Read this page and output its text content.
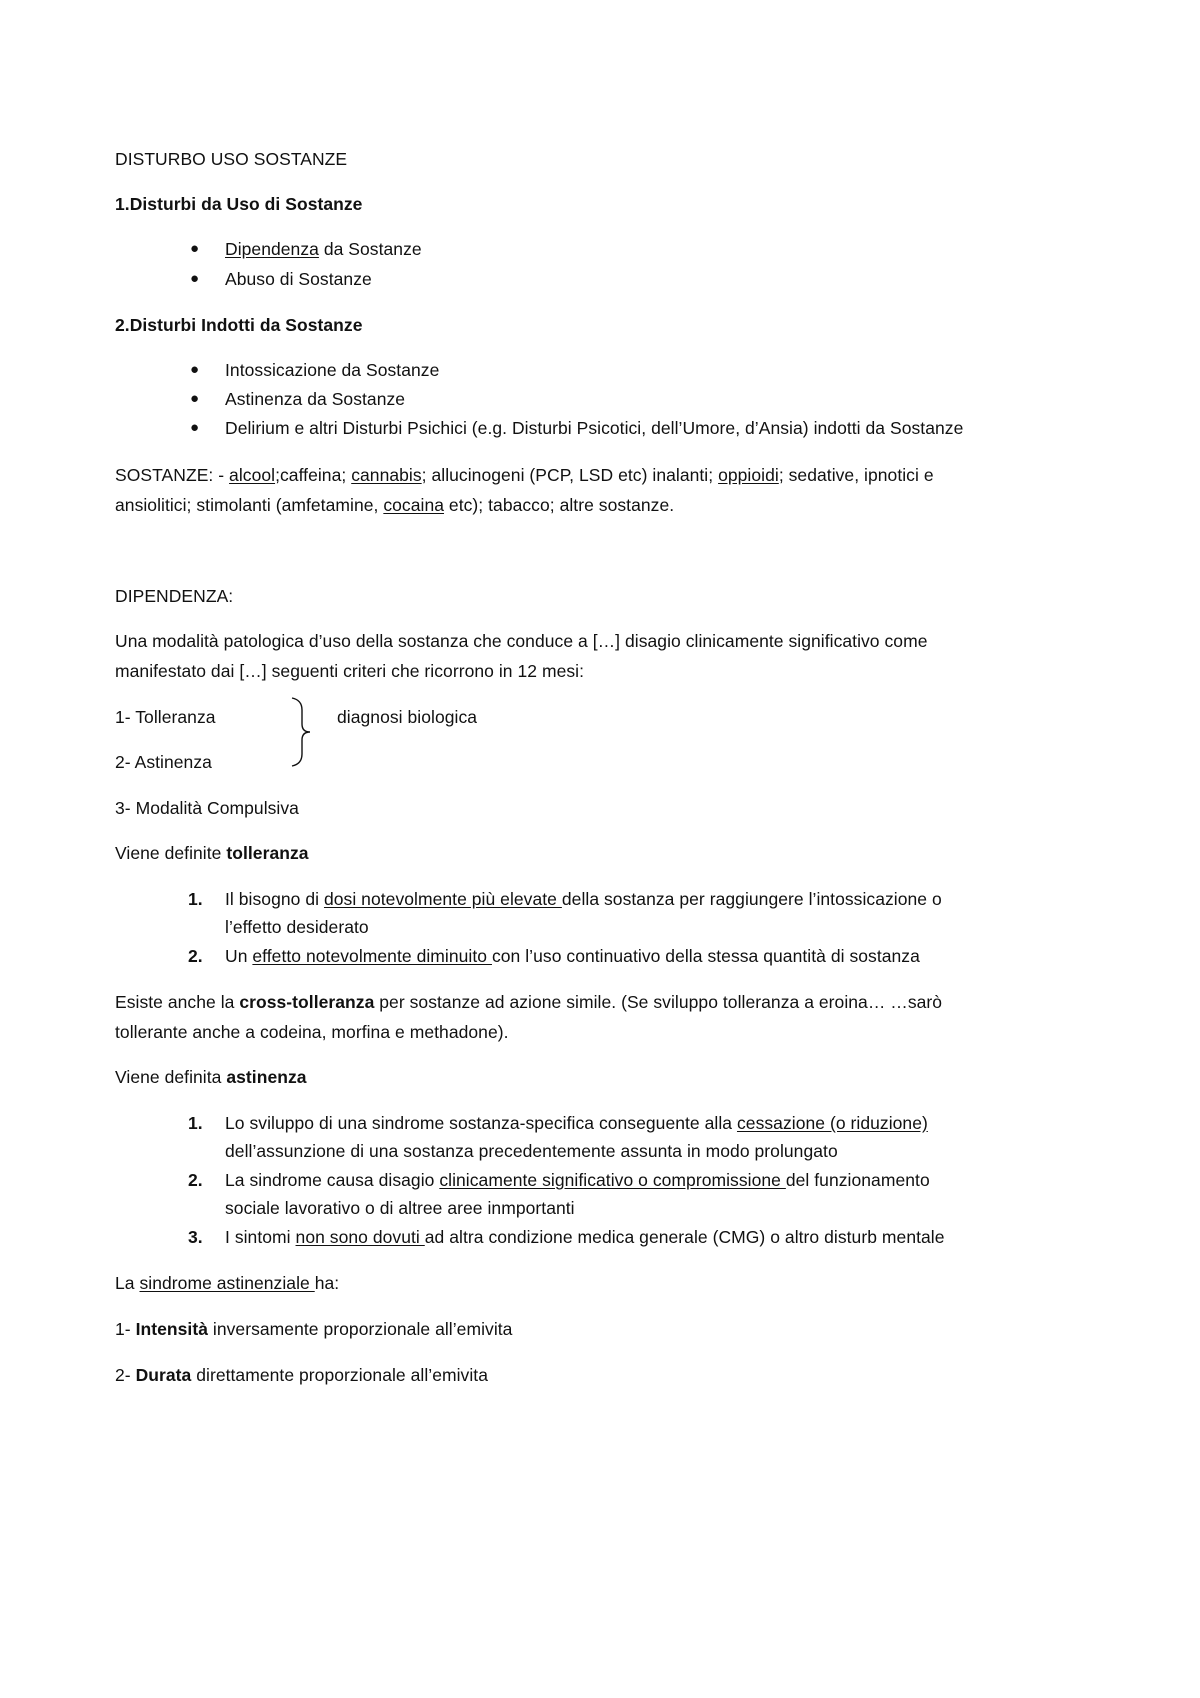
DISTURBO USO SOSTANZE
1.Disturbi da Uso di Sostanze
● Dipendenza da Sostanze
● Abuso di Sostanze
2.Disturbi Indotti da Sostanze
● Intossicazione da Sostanze
● Astinenza da Sostanze
● Delirium e altri Disturbi Psichici (e.g. Disturbi Psicotici, dell’Umore, d’Ansia) indotti da Sostanze
SOSTANZE: - alcool;caffeina; cannabis; allucinogeni (PCP, LSD etc) inalanti; oppioidi; sedative, ipnotici e
ansiolitici; stimolanti (amfetamine, cocaina etc); tabacco; altre sostanze.
DIPENDENZA:
Una modalità patologica d’uso della sostanza che conduce a […] disagio clinicamente significativo come
manifestato dai […] seguenti criteri che ricorrono in 12 mesi:
1- Tolleranza	diagnosi biologica
2- Astinenza
3- Modalità Compulsiva
Viene definite tolleranza
1. Il bisogno di dosi notevolmente più elevate della sostanza per raggiungere l’intossicazione o
l’effetto desiderato
2. Un effetto notevolmente diminuito con l’uso continuativo della stessa quantità di sostanza
Esiste anche la cross-tolleranza per sostanze ad azione simile. (Se sviluppo tolleranza a eroina… …sarò
tollerante anche a codeina, morfina e methadone).
Viene definita astinenza
1. Lo sviluppo di una sindrome sostanza-specifica conseguente alla cessazione (o riduzione)
dell’assunzione di una sostanza precedentemente assunta in modo prolungato
2. La sindrome causa disagio clinicamente significativo o compromissione del funzionamento
sociale lavorativo o di altree aree inmportanti
3. I sintomi non sono dovuti ad altra condizione medica generale (CMG) o altro disturb mentale
La sindrome astinenziale ha:
1- Intensità inversamente proporzionale all’emivita
2- Durata direttamente proporzionale all’emivita
